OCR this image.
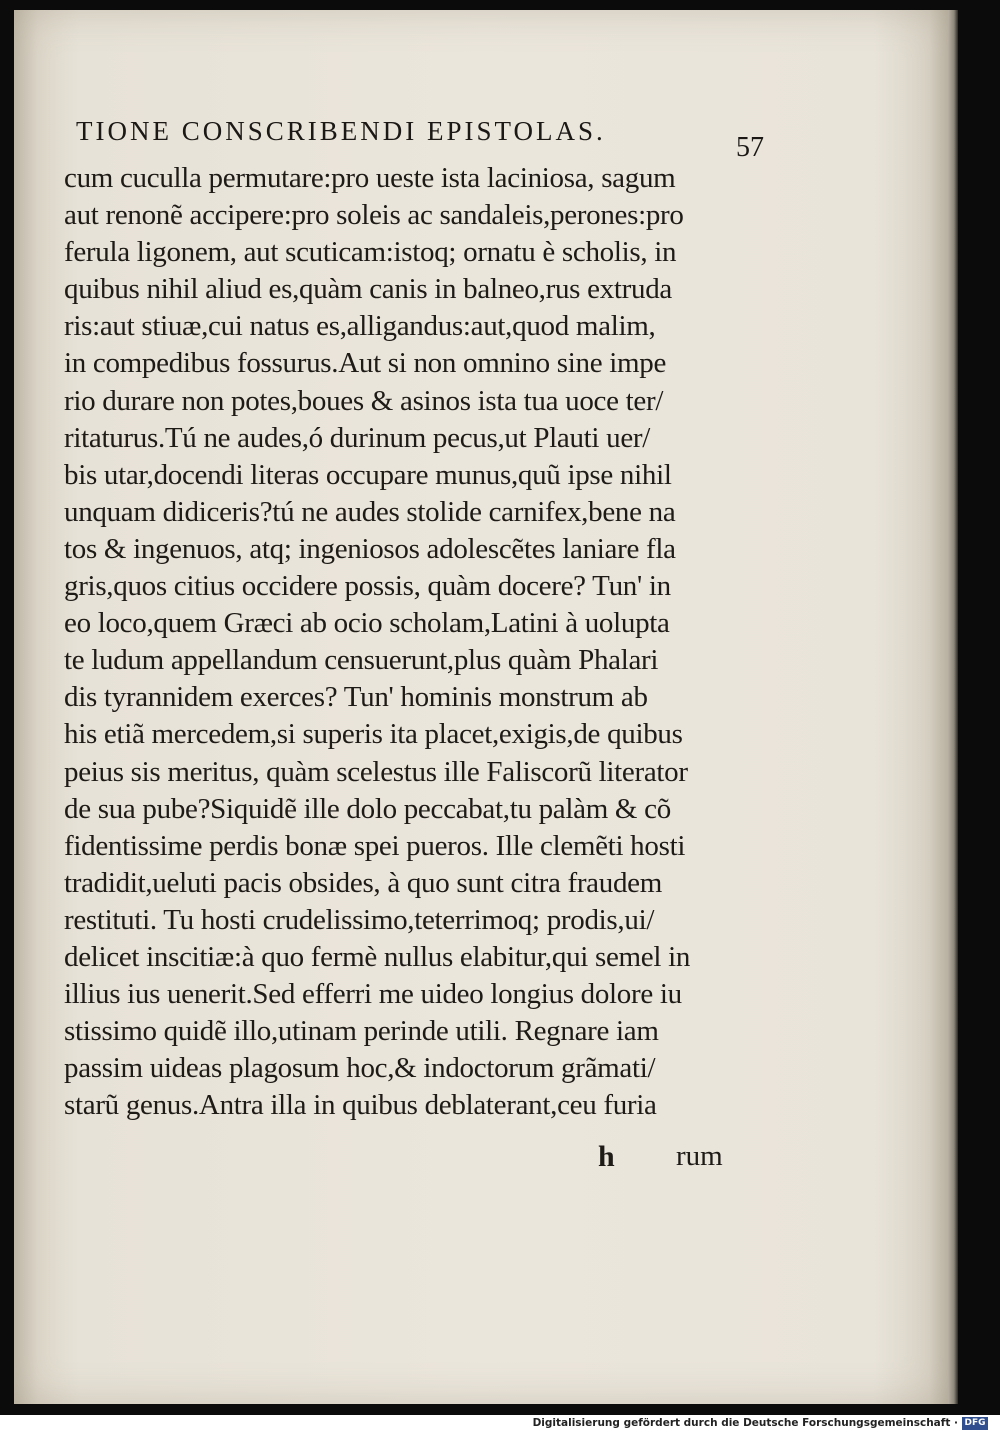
TIONE CONSCRIBENDI EPISTOLAS.
57
cum cuculla permutare:pro ueste ista laciniosa, sagum
aut renonẽ accipere:pro soleis ac sandaleis,perones:pro
ferula ligonem, aut scuticam:istoq; ornatu è scholis, in
quibus nihil aliud es,quàm canis in balneo,rus extruda
ris:aut stiuæ,cui natus es,alligandus:aut,quod malim,
in compedibus fossurus.Aut si non omnino sine impe
rio durare non potes,boues & asinos ista tua uoce ter/
ritaturus.Tú ne audes,ó durinum pecus,ut Plauti uer/
bis utar,docendi literas occupare munus,quũ ipse nihil
unquam didiceris?tú ne audes stolide carnifex,bene na
tos & ingenuos, atq; ingeniosos adolescẽtes laniare fla
gris,quos citius occidere possis, quàm docere? Tun' in
eo loco,quem Græci ab ocio scholam,Latini à uolupta
te ludum appellandum censuerunt,plus quàm Phalari
dis tyrannidem exerces? Tun' hominis monstrum ab
his etiã mercedem,si superis ita placet,exigis,de quibus
peius sis meritus, quàm scelestus ille Faliscorũ literator
de sua pube?Siquidẽ ille dolo peccabat,tu palàm & cõ
fidentissime perdis bonæ spei pueros. Ille clemẽti hosti
tradidit,ueluti pacis obsides, à quo sunt citra fraudem
restituti. Tu hosti crudelissimo,teterrimoq; prodis,ui/
delicet inscitiæ:à quo fermè nullus elabitur,qui semel in
illius ius uenerit.Sed efferri me uideo longius dolore iu
stissimo quidẽ illo,utinam perinde utili. Regnare iam
passim uideas plagosum hoc,& indoctorum grãmati/
starũ genus.Antra illa in quibus deblaterant,ceu furia
h rum
Digitalisierung gefördert durch die Deutsche Forschungsgemeinschaft · DFG
